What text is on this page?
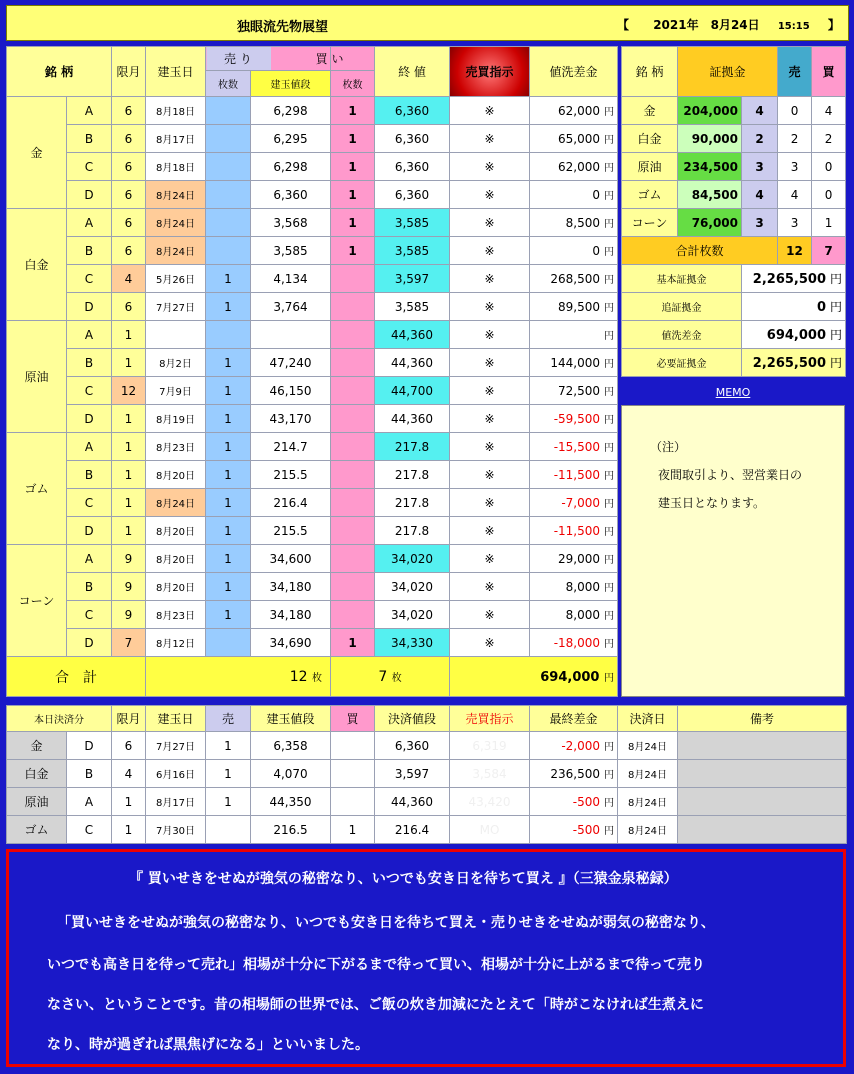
独眼流先物展望	【 2021年　8月24日 15:15 】
銘 柄		限月	建玉日	売 り 買 い			終 値	売買指示	値洗差金
				枚数	建玉値段	枚数			
金	A	6	8月18日		6,298	1	6,360	※	62,000 円
	B	6	8月17日		6,295	1	6,360	※	65,000 円
	C	6	8月18日		6,298	1	6,360	※	62,000 円
	D	6	8月24日		6,360	1	6,360	※	0 円
白金	A	6	8月24日		3,568	1	3,585	※	8,500 円
	B	6	8月24日		3,585	1	3,585	※	0 円
	C	4	5月26日	1	4,134		3,597	※	268,500 円
	D	6	7月27日	1	3,764		3,585	※	89,500 円
原油	A	1					44,360	※	円
	B	1	8月2日	1	47,240		44,360	※	144,000 円
	C	12	7月9日	1	46,150		44,700	※	72,500 円
	D	1	8月19日	1	43,170		44,360	※	-59,500 円
ゴム	A	1	8月23日	1	214.7		217.8	※	-15,500 円
	B	1	8月20日	1	215.5		217.8	※	-11,500 円
	C	1	8月24日	1	216.4		217.8	※	-7,000 円
	D	1	8月20日	1	215.5		217.8	※	-11,500 円
コーン	A	9	8月20日	1	34,600		34,020	※	29,000 円
	B	9	8月20日	1	34,180		34,020	※	8,000 円
	C	9	8月23日	1	34,180		34,020	※	8,000 円
	D	7	8月12日		34,690	1	34,330	※	-18,000 円
合　計			12 枚			7 枚		694,000 円	
銘 柄	証拠金		売	買
金	204,000	4	0	4
白金	90,000	2	2	2
原油	234,500	3	3	0
ゴム	84,500	4	4	0
コーン	76,000	3	3	1
合計枚数			12	7
基本証拠金		2,265,500 円		
追証拠金		0 円		
値洗差金		694,000 円		
必要証拠金		2,265,500 円		
MEMO
（注）
夜間取引より、翌営業日の
建玉日となります。
本日決済分		限月	建玉日	売	建玉値段	買	決済値段	売買指示	最終差金	決済日	備考
金	D	6	7月27日	1	6,358		6,360	6,319	-2,000 円	8月24日	
白金	B	4	6月16日	1	4,070		3,597	3,584	236,500 円	8月24日	
原油	A	1	8月17日	1	44,350		44,360	43,420	-500 円	8月24日	
ゴム	C	1	7月30日		216.5	1	216.4	MO	-500 円	8月24日	
『 買いせきをせぬが強気の秘密なり、いつでも安き日を待ちて買え 』（三猿金泉秘録）
「買いせきをせぬが強気の秘密なり、いつでも安き日を待ちて買え・売りせきをせぬが弱気の秘密なり、
いつでも高き日を待って売れ」相場が十分に下がるまで待って買い、相場が十分に上がるまで待って売り
なさい、ということです。昔の相場師の世界では、ご飯の炊き加減にたとえて「時がこなければ生煮えに
なり、時が過ぎれば黒焦げになる」といいました。
